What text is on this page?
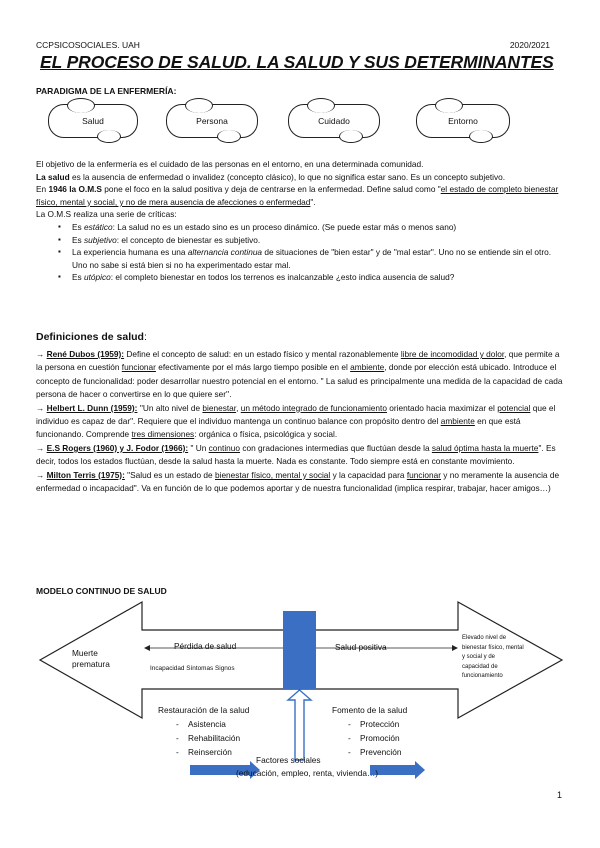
CCPSICOSOCIALES. UAH	2020/2021
EL PROCESO DE SALUD. LA SALUD Y SUS DETERMINANTES
PARADIGMA DE LA ENFERMERÍA:
Salud	Persona	Cuidado	Entorno
El objetivo de la enfermería es el cuidado de las personas en el entorno, en una determinada comunidad.
La salud es la ausencia de enfermedad o invalidez (concepto clásico), lo que no significa estar sano. Es un concepto subjetivo.
En 1946 la O.M.S pone el foco en la salud positiva y deja de centrarse en la enfermedad. Define salud como "el estado de completo bienestar físico, mental y social, y no de mera ausencia de afecciones o enfermedad".
La O.M.S realiza una serie de críticas:
▪ Es estático: La salud no es un estado sino es un proceso dinámico. (Se puede estar más o menos sano)
▪ Es subjetivo: el concepto de bienestar es subjetivo.
▪ La experiencia humana es una alternancia continua de situaciones de "bien estar" y de "mal estar". Uno no se entiende sin el otro. Uno no sabe si está bien si no ha experimentado estar mal.
▪ Es utópico: el completo bienestar en todos los terrenos es inalcanzable ¿esto indica ausencia de salud?
Definiciones de salud:
→ René Dubos (1959): Define el concepto de salud: en un estado físico y mental razonablemente libre de incomodidad y dolor, que permite a la persona en cuestión funcionar efectivamente por el más largo tiempo posible en el ambiente, donde por elección está ubicado. Introduce el concepto de funcionalidad: poder desarrollar nuestro potencial en el entorno. " La salud es principalmente una medida de la capacidad de cada persona de hacer o convertirse en lo que quiere ser''.
→ Helbert L. Dunn (1959): ''Un alto nivel de bienestar, un método integrado de funcionamiento orientado hacia maximizar el potencial que el individuo es capaz de dar". Requiere que el individuo mantenga un continuo balance con propósito dentro del ambiente en que está funcionando. Comprende tres dimensiones: orgánica o física, psicológica y social.
→ E.S Rogers (1960) y J. Fodor (1966): " Un continuo con gradaciones intermedias que fluctúan desde la salud óptima hasta la muerte". Es decir, todos los estados fluctúan, desde la salud hasta la muerte. Nada es constante. Todo siempre está en constante movimiento.
→ Milton Terris (1975): "Salud es un estado de bienestar físico, mental y social y la capacidad para funcionar y no meramente la ausencia de enfermedad o incapacidad". Va en función de lo que podemos aportar y de nuestra funcionalidad (implica respirar, trabajar, hacer amigos…)
MODELO CONTINUO DE SALUD
Muerte prematura
Elevado nivel de bienestar físico, mental y social y de capacidad de funcionamiento
Pérdida de salud
Incapacidad Síntomas Signos
Salud positiva
Restauración de la salud
- Asistencia
- Rehabilitación
- Reinserción
Fomento de la salud
- Protección
- Promoción
- Prevención
Factores sociales
(educación, empleo, renta, vivienda…)
1
